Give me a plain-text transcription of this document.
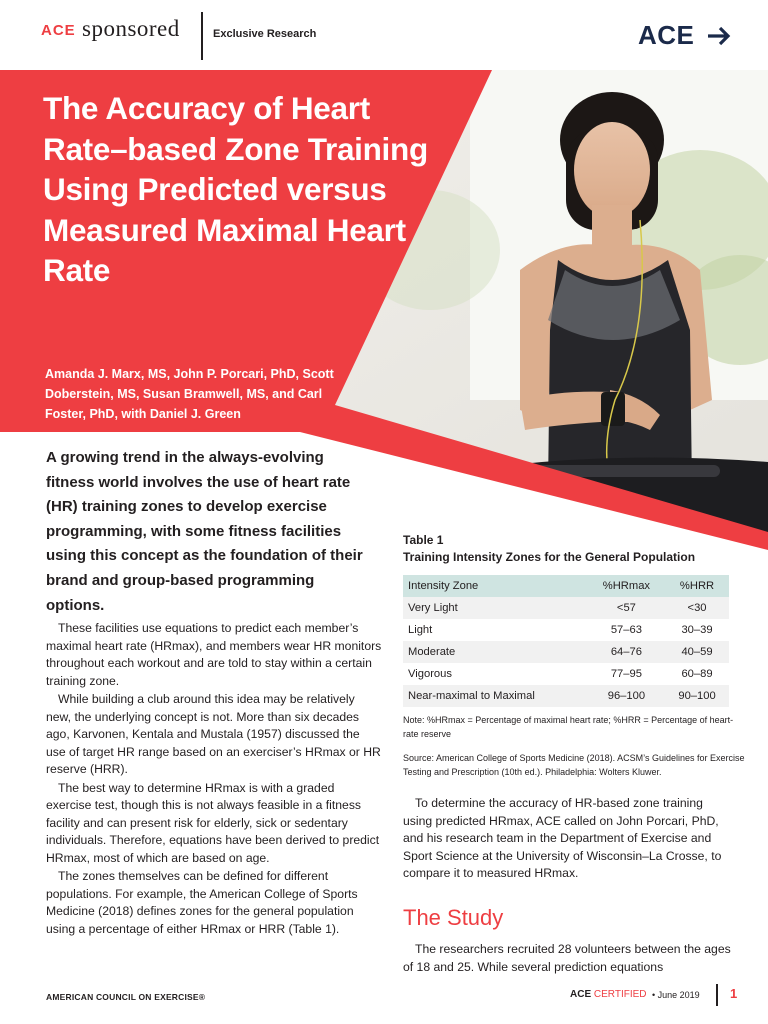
ACE sponsored	Exclusive Research	ACE
The Accuracy of Heart Rate–based Zone Training Using Predicted versus Measured Maximal Heart Rate
Amanda J. Marx, MS, John P. Porcari, PhD, Scott Doberstein, MS, Susan Bramwell, MS, and Carl Foster, PhD, with Daniel J. Green
A growing trend in the always-evolving fitness world involves the use of heart rate (HR) training zones to develop exercise programming, with some fitness facilities using this concept as the foundation of their brand and group-based programming options.

These facilities use equations to predict each member’s maximal heart rate (HRmax), and members wear HR monitors throughout each workout and are told to stay within a certain training zone.

While building a club around this idea may be relatively new, the underlying concept is not. More than six decades ago, Karvonen, Kentala and Mustala (1957) discussed the use of target HR range based on an exerciser’s HRmax or HR reserve (HRR).

The best way to determine HRmax is with a graded exercise test, though this is not always feasible in a fitness facility and can present risk for elderly, sick or sedentary individuals. Therefore, equations have been derived to predict HRmax, most of which are based on age.

The zones themselves can be defined for different populations. For example, the American College of Sports Medicine (2018) defines zones for the general population using a percentage of either HRmax or HRR (Table 1).

Table 1
Training Intensity Zones for the General Population
Intensity Zone	%HRmax	%HRR
Very Light	<57	<30
Light	57–63	30–39
Moderate	64–76	40–59
Vigorous	77–95	60–89
Near-maximal to Maximal	96–100	90–100
Note: %HRmax = Percentage of maximal heart rate; %HRR = Percentage of heart-rate reserve
Source: American College of Sports Medicine (2018). ACSM’s Guidelines for Exercise Testing and Prescription (10th ed.). Philadelphia: Wolters Kluwer.

To determine the accuracy of HR-based zone training using predicted HRmax, ACE called on John Porcari, PhD, and his research team in the Department of Exercise and Sport Science at the University of Wisconsin–La Crosse, to compare it to measured HRmax.

The Study

The researchers recruited 28 volunteers between the ages of 18 and 25. While several prediction equations

AMERICAN COUNCIL ON EXERCISE®	ACE CERTIFIED • June 2019 1
